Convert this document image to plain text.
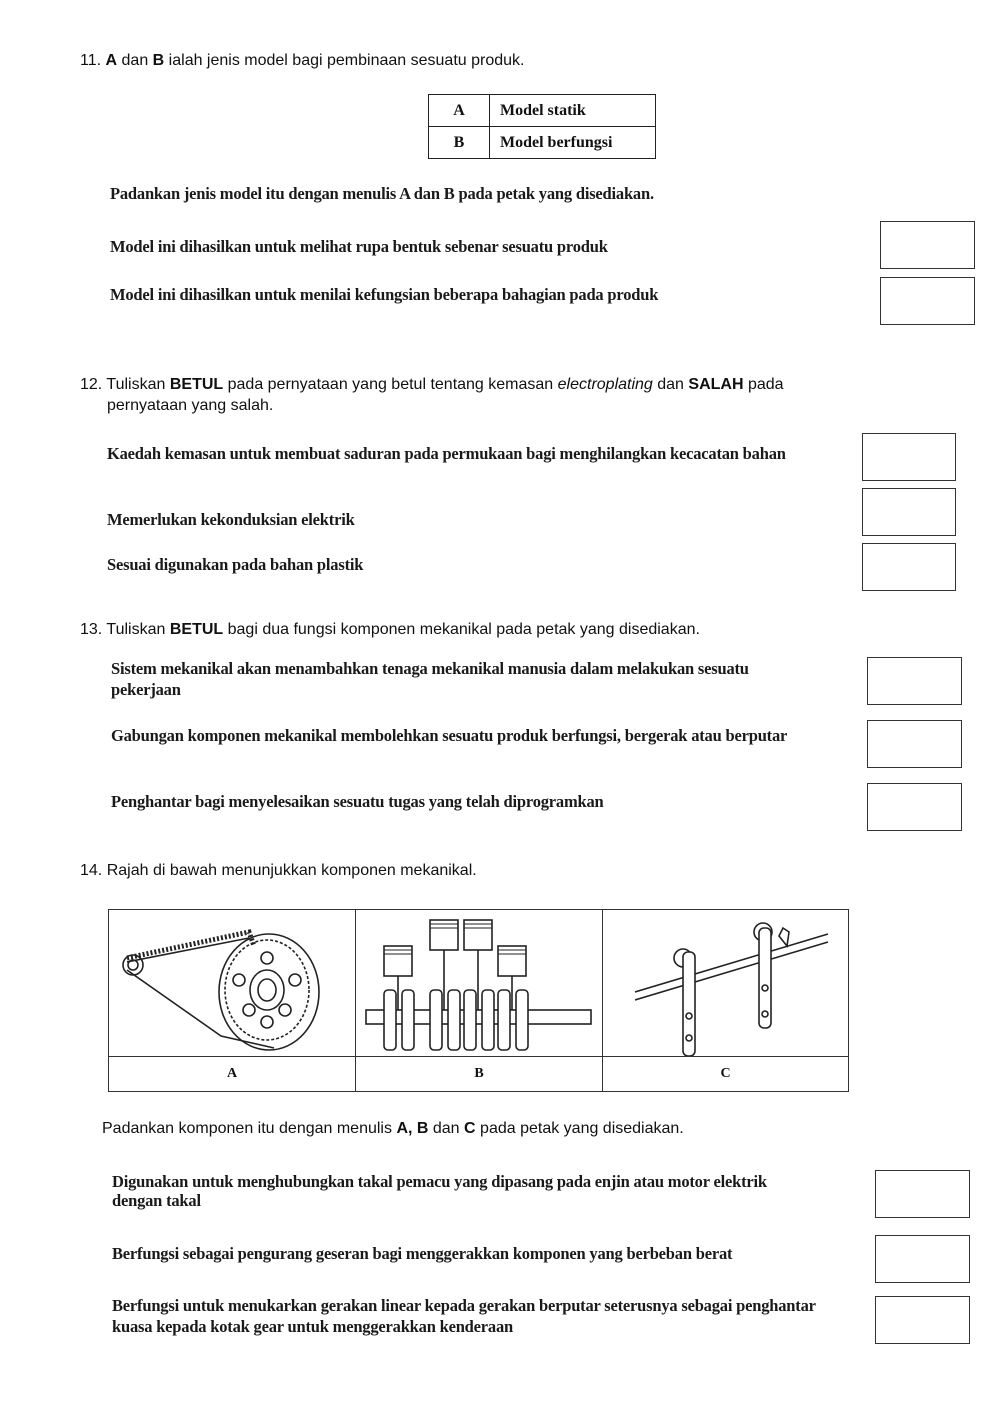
11. A dan B ialah jenis model bagi pembinaan sesuatu produk.
A	Model statik
B	Model berfungsi
Padankan jenis model itu dengan menulis A dan B pada petak yang disediakan.
Model ini dihasilkan untuk melihat rupa bentuk sebenar sesuatu produk
Model ini dihasilkan untuk menilai kefungsian beberapa bahagian pada produk
12. Tuliskan BETUL pada pernyataan yang betul tentang kemasan electroplating dan SALAH pada
pernyataan yang salah.
Kaedah kemasan untuk membuat saduran pada permukaan bagi menghilangkan kecacatan bahan
Memerlukan kekonduksian elektrik
Sesuai digunakan pada bahan plastik
13. Tuliskan BETUL bagi dua fungsi komponen mekanikal pada petak yang disediakan.
Sistem mekanikal akan menambahkan tenaga mekanikal manusia dalam melakukan sesuatu pekerjaan
Gabungan komponen mekanikal membolehkan sesuatu produk berfungsi, bergerak atau berputar
Penghantar bagi menyelesaikan sesuatu tugas yang telah diprogramkan
14. Rajah di bawah menunjukkan komponen mekanikal.
A	B	C
Padankan komponen itu dengan menulis A, B dan C pada petak yang disediakan.
Digunakan untuk menghubungkan takal pemacu yang dipasang pada enjin atau motor elektrik dengan takal
Berfungsi sebagai pengurang geseran bagi menggerakkan komponen yang berbeban berat
Berfungsi untuk menukarkan gerakan linear kepada gerakan berputar seterusnya sebagai penghantar kuasa kepada kotak gear untuk menggerakkan kenderaan
